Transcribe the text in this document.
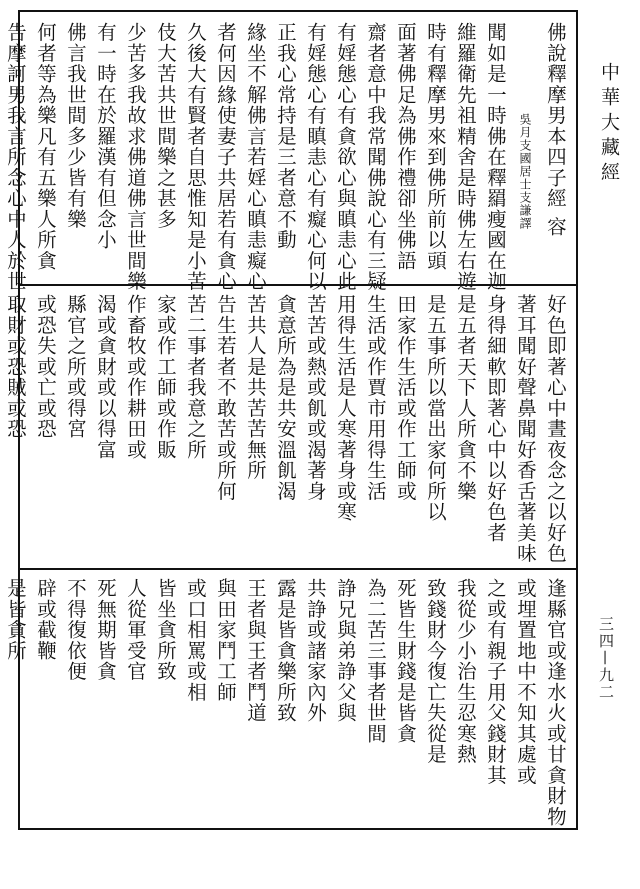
佛說釋摩男本四子經 容
　　　　　　　吳月支國居士支謙譯
聞如是一時佛在釋羂瘦國在迦
維羅衛先祖精舍是時佛左右遊
時有釋摩男來到佛所前以頭
面著佛足為佛作禮卻坐佛語
齋者意中我常聞佛說心有三疑
有婬態心有貪欲心與瞋恚心此
有婬態心有瞋恚心有癡心何以
正我心常持是三者意不動
緣坐不解佛言若婬心瞋恚癡心
者何因緣使妻子共居若有貪心
久後大有賢者自思惟知是小苦
伎大苦共世間樂之甚多
少苦多我故求佛道佛言世間樂
有一時在於羅漢有但念小
佛言我世間多少皆有樂
何者等為樂凡有五樂人所貪
告摩訶男我言所念心中人於世
好色即著心中晝夜念之以好色
著耳聞好聲鼻聞好香舌著美味
身得細軟即著心中以好色者
是五者天下人所貪不樂
是五事所以當出家何所以
田家作生活或作工師或
生活或作賈市用得生活
用得生活是人寒著身或寒
苦苦或熱或飢或渴著身
貪意所為是共安溫飢渴
苦共人是共苦苦無所
告生若者不敢苦或所何
苦二事者我意之所
家或作工師或作販
作畜牧或作耕田或
渴或貪財或以得富
縣官之所或得宮
或恐失或亡或恐
取財或恐賊或恐
逢縣官或逢水火或甘貪財物
或埋置地中不知其處或
之或有親子用父錢財其
我從少小治生忍寒熱
致錢財今復亡失從是
死皆生財錢是皆貪
為二苦三事者世間
諍兄與弟諍父與
共諍或諸家內外
露是皆貪樂所致
王者與王者鬥道
與田家鬥工師
或口相罵或相
皆坐貪所致
人從軍受官
死無期皆貪
不得復依便
辟或截鞭
是皆貪所
中華大藏經
三四—九二
